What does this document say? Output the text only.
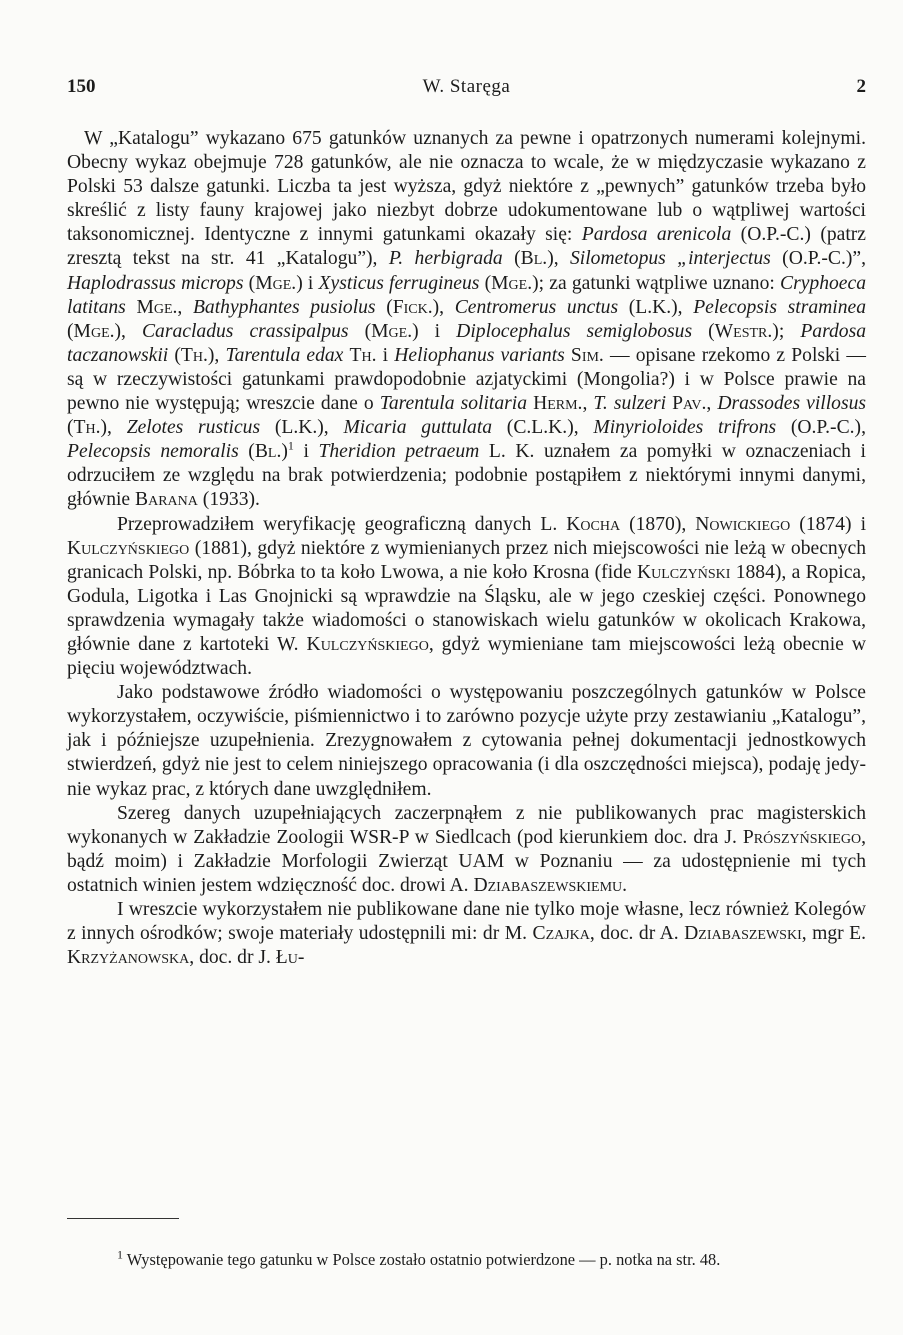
150	W. Staręga	2

W „Katalogu” wykazano 675 gatunków uznanych za pewne i opatrzonych numerami kolejnymi. Obecny wykaz obejmuje 728 gatunków, ale nie oznacza to wcale, że w międzyczasie wykazano z Polski 53 dalsze gatunki. Liczba ta jest wyższa, gdyż niektóre z „pewnych” gatunków trzeba było skreślić z listy fauny krajowej jako niezbyt dobrze udokumentowane lub o wątpliwej wartości taksonomicznej. Identyczne z innymi gatunkami okazały się: Pardosa arenicola (O.P.-C.) (patrz zresztą tekst na str. 41 „Katalogu”), P. herbigrada (Bl.), Silometopus „interjectus (O.P.-C.)”, Haplodrassus microps (Mge.) i Xysticus ferrugineus (Mge.); za gatunki wątpliwe uznano: Cryphoeca latitans Mge., Bathyphantes pusiolus (Fick.), Centromerus unctus (L.K.), Pelecopsis straminea (Mge.), Caracladus crassipalpus (Mge.) i Diplocephalus semiglobosus (Westr.); Pardosa taczanowskii (Th.), Tarentula edax Th. i Heliophanus variants Sim. — opisane rzekomo z Polski — są w rzeczywistości gatunkami prawdopodobnie azjatyckimi (Mongolia?) i w Polsce prawie na pewno nie występują; wreszcie dane o Tarentula solitaria Herm., T. sulzeri Pav., Drassodes villosus (Th.), Zelotes rusticus (L.K.), Micaria guttulata (C.L.K.), Minyrioloides trifrons (O.P.-C.), Pelecopsis nemoralis $(Bl.)^1$ i Theridion petraeum L. K. uznałem za pomyłki w oznaczeniach i odrzuciłem ze względu na brak potwierdzenia; podobnie postąpiłem z niektórymi innymi danymi, głównie Barana (1933).

Przeprowadziłem weryfikację geograficzną danych L. Kocha (1870), Nowickiego (1874) i Kulczyńskiego (1881), gdyż niektóre z wymienianych przez nich miejscowości nie leżą w obecnych granicach Polski, np. Bóbrka to ta koło Lwowa, a nie koło Krosna (fide Kulczyński 1884), a Ropica, Godula, Ligotka i Las Gnojnicki są wprawdzie na Śląsku, ale w jego czeskiej części. Ponownego sprawdzenia wymagały także wiadomości o stanowiskach wielu gatunków w okolicach Krakowa, głównie dane z kartoteki W. Kulczyńskiego, gdyż wymieniane tam miejscowości leżą obecnie w pięciu województwach.

Jako podstawowe źródło wiadomości o występowaniu poszczególnych gatunków w Polsce wykorzystałem, oczywiście, piśmiennictwo i to zarówno pozycje użyte przy zestawianiu „Katalogu”, jak i późniejsze uzupełnienia. Zrezygnowałem z cytowania pełnej dokumentacji jednostkowych stwierdzeń, gdyż nie jest to celem niniejszego opracowania (i dla oszczędności miejsca), podaję jedynie wykaz prac, z których dane uwzględniłem.

Szereg danych uzupełniających zaczerpnąłem z nie publikowanych prac magisterskich wykonanych w Zakładzie Zoologii WSR-P w Siedlcach (pod kierunkiem doc. dra J. Prószyńskiego, bądź moim) i Zakładzie Morfologii Zwierząt UAM w Poznaniu — za udostępnienie mi tych ostatnich winien jestem wdzięczność doc. drowi A. Dziabaszewskiemu.

I wreszcie wykorzystałem nie publikowane dane nie tylko moje własne, lecz również Kolegów z innych ośrodków; swoje materiały udostępnili mi: dr M. Czajka, doc. dr A. Dziabaszewski, mgr E. Krzyżanowska, doc. dr J. Łu-

$^1$ Występowanie tego gatunku w Polsce zostało ostatnio potwierdzone — p. notka na str. 48.
